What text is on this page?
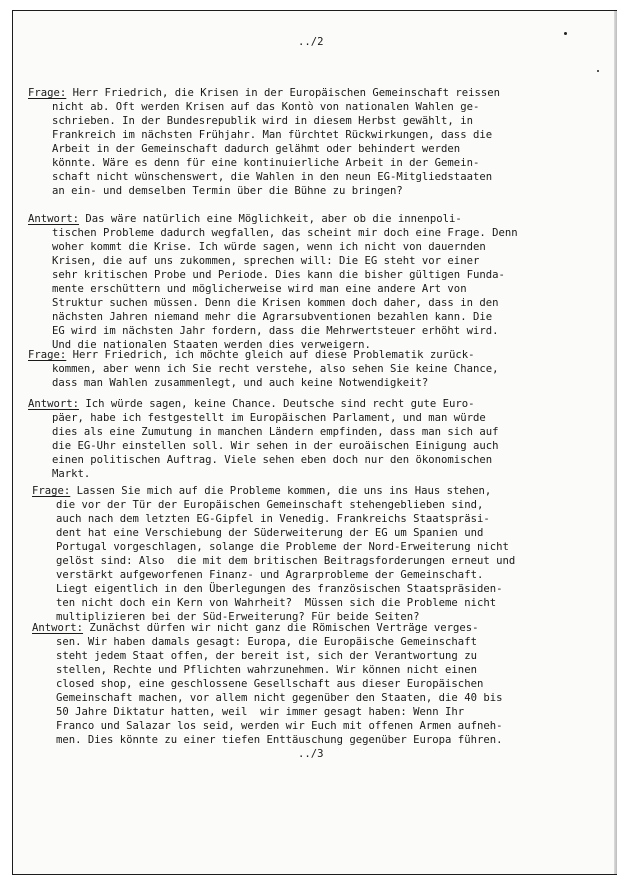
../2
../3
Frage: Herr Friedrich, die Krisen in der Europäischen Gemeinschaft reissen
nicht ab. Oft werden Krisen auf das Kontò von nationalen Wahlen ge-
schrieben. In der Bundesrepublik wird in diesem Herbst gewählt, in
Frankreich im nächsten Frühjahr. Man fürchtet Rückwirkungen, dass die
Arbeit in der Gemeinschaft dadurch gelähmt oder behindert werden
könnte. Wäre es denn für eine kontinuierliche Arbeit in der Gemein-
schaft nicht wünschenswert, die Wahlen in den neun EG-Mitgliedstaaten
an ein- und demselben Termin über die Bühne zu bringen?
Antwort: Das wäre natürlich eine Möglichkeit, aber ob die innenpoli-
tischen Probleme dadurch wegfallen, das scheint mir doch eine Frage. Denn
woher kommt die Krise. Ich würde sagen, wenn ich nicht von dauernden
Krisen, die auf uns zukommen, sprechen will: Die EG steht vor einer
sehr kritischen Probe und Periode. Dies kann die bisher gültigen Funda-
mente erschüttern und möglicherweise wird man eine andere Art von
Struktur suchen müssen. Denn die Krisen kommen doch daher, dass in den
nächsten Jahren niemand mehr die Agrarsubventionen bezahlen kann. Die
EG wird im nächsten Jahr fordern, dass die Mehrwertsteuer erhöht wird.
Und die nationalen Staaten werden dies verweigern.
Frage: Herr Friedrich, ich möchte gleich auf diese Problematik zurück-
kommen, aber wenn ich Sie recht verstehe, also sehen Sie keine Chance,
dass man Wahlen zusammenlegt, und auch keine Notwendigkeit?
Antwort: Ich würde sagen, keine Chance. Deutsche sind recht gute Euro-
päer, habe ich festgestellt im Europäischen Parlament, und man würde
dies als eine Zumutung in manchen Ländern empfinden, dass man sich auf
die EG-Uhr einstellen soll. Wir sehen in der euroäischen Einigung auch
einen politischen Auftrag. Viele sehen eben doch nur den ökonomischen
Markt.
Frage: Lassen Sie mich auf die Probleme kommen, die uns ins Haus stehen,
die vor der Tür der Europäischen Gemeinschaft stehengeblieben sind,
auch nach dem letzten EG-Gipfel in Venedig. Frankreichs Staatspräsi-
dent hat eine Verschiebung der Süderweiterung der EG um Spanien und
Portugal vorgeschlagen, solange die Probleme der Nord-Erweiterung nicht
gelöst sind: Also  die mit dem britischen Beitragsforderungen erneut und
verstärkt aufgeworfenen Finanz- und Agrarprobleme der Gemeinschaft.
Liegt eigentlich in den Überlegungen des französischen Staatspräsiden-
ten nicht doch ein Kern von Wahrheit?  Müssen sich die Probleme nicht
multiplizieren bei der Süd-Erweiterung? Für beide Seiten?
Antwort: Zunächst dürfen wir nicht ganz die Römischen Verträge verges-
sen. Wir haben damals gesagt: Europa, die Europäische Gemeinschaft
steht jedem Staat offen, der bereit ist, sich der Verantwortung zu
stellen, Rechte und Pflichten wahrzunehmen. Wir können nicht einen
closed shop, eine geschlossene Gesellschaft aus dieser Europäischen
Gemeinschaft machen, vor allem nicht gegenüber den Staaten, die 40 bis
50 Jahre Diktatur hatten, weil  wir immer gesagt haben: Wenn Ihr
Franco und Salazar los seid, werden wir Euch mit offenen Armen aufneh-
men. Dies könnte zu einer tiefen Enttäuschung gegenüber Europa führen.
